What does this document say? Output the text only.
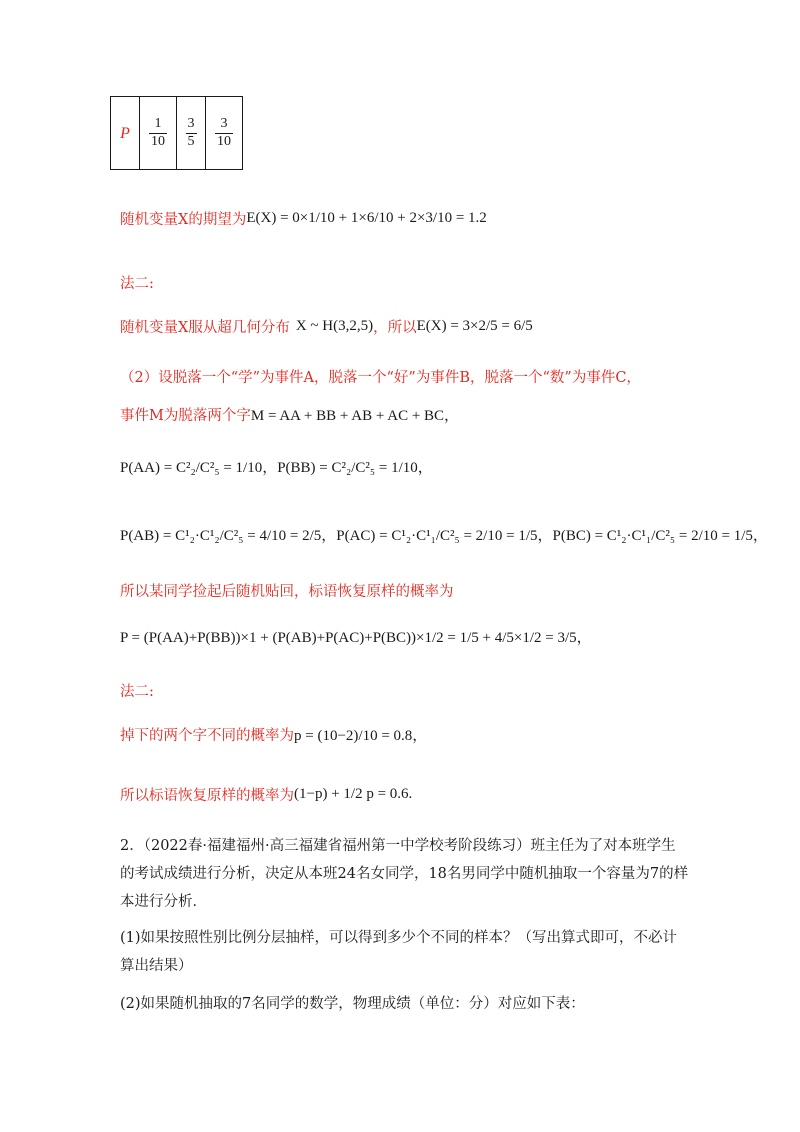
P	$\frac{1}{10}$	$\frac{3}{5}$	$\frac{3}{10}$
随机变量X的期望为 E(X) = 0×1/10 + 1×6/10 + 2×3/10 = 1.2
法二:
随机变量X服从超几何分布 X ~ H(3,2,5) ，所以 E(X) = 3×2/5 = 6/5
（2）设脱落一个“学”为事件A，脱落一个“好”为事件B，脱落一个“数”为事件C，
事件M为脱落两个字 M = AA + BB + AB + AC + BC，
P(AA) = C²₂/C²₅ = 1/10，P(BB) = C²₂/C²₅ = 1/10，
P(AB) = C¹₂·C¹₂/C²₅ = 4/10 = 2/5，P(AC) = C¹₂·C¹₁/C²₅ = 2/10 = 1/5，P(BC) = C¹₂·C¹₁/C²₅ = 2/10 = 1/5，
所以某同学捡起后随机贴回，标语恢复原样的概率为
P = (P(AA)+P(BB))×1 + (P(AB)+P(AC)+P(BC))×1/2 = 1/5 + 4/5×1/2 = 3/5，
法二:
掉下的两个字不同的概率为 p = (10−2)/10 = 0.8，
所以标语恢复原样的概率为 (1−p) + 1/2 p = 0.6.
2．（2022春·福建福州·高三福建省福州第一中学校考阶段练习）班主任为了对本班学生的考试成绩进行分析，决定从本班24名女同学，18名男同学中随机抽取一个容量为7的样本进行分析．
(1)如果按照性别比例分层抽样，可以得到多少个不同的样本？（写出算式即可，不必计算出结果）
(2)如果随机抽取的7名同学的数学，物理成绩（单位：分）对应如下表：
